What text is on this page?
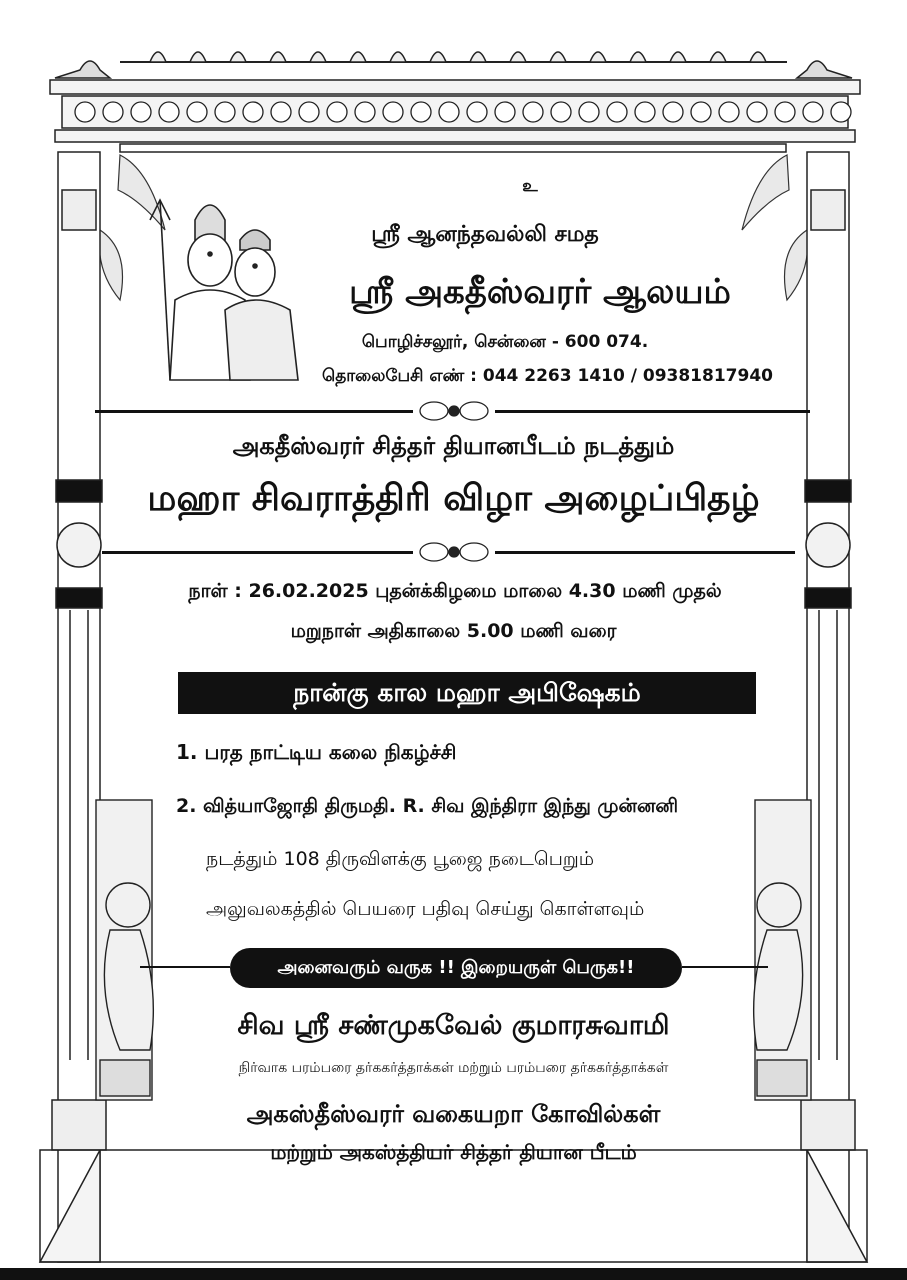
உ
ஸ்ரீ ஆனந்தவல்லி சமத
ஸ்ரீ அகதீஸ்வரர் ஆலயம்
பொழிச்சலூர், சென்னை - 600 074.
தொலைபேசி எண் : 044 2263 1410 / 09381817940
அகதீஸ்வரர் சித்தர் தியானபீடம் நடத்தும்
மஹா சிவராத்திரி விழா அழைப்பிதழ்
நாள் : 26.02.2025 புதன்க்கிழமை மாலை 4.30 மணி முதல்
மறுநாள் அதிகாலை 5.00 மணி வரை
நான்கு கால மஹா அபிஷேகம்
1. பரத நாட்டிய கலை நிகழ்ச்சி
2. வித்யாஜோதி திருமதி. R. சிவ இந்திரா இந்து முன்னனி
நடத்தும் 108 திருவிளக்கு பூஜை நடைபெறும்
அலுவலகத்தில் பெயரை பதிவு செய்து கொள்ளவும்
அனைவரும் வருக !! இறையருள் பெருக!!
சிவ ஸ்ரீ சண்முகவேல் குமாரசுவாமி
நிர்வாக பரம்பரை தர்ககர்த்தாக்கள் மற்றும் பரம்பரை தர்ககர்த்தாக்கள்
அகஸ்தீஸ்வரர் வகையறா கோவில்கள்
மற்றும் அகஸ்த்தியர் சித்தர் தியான பீடம்
